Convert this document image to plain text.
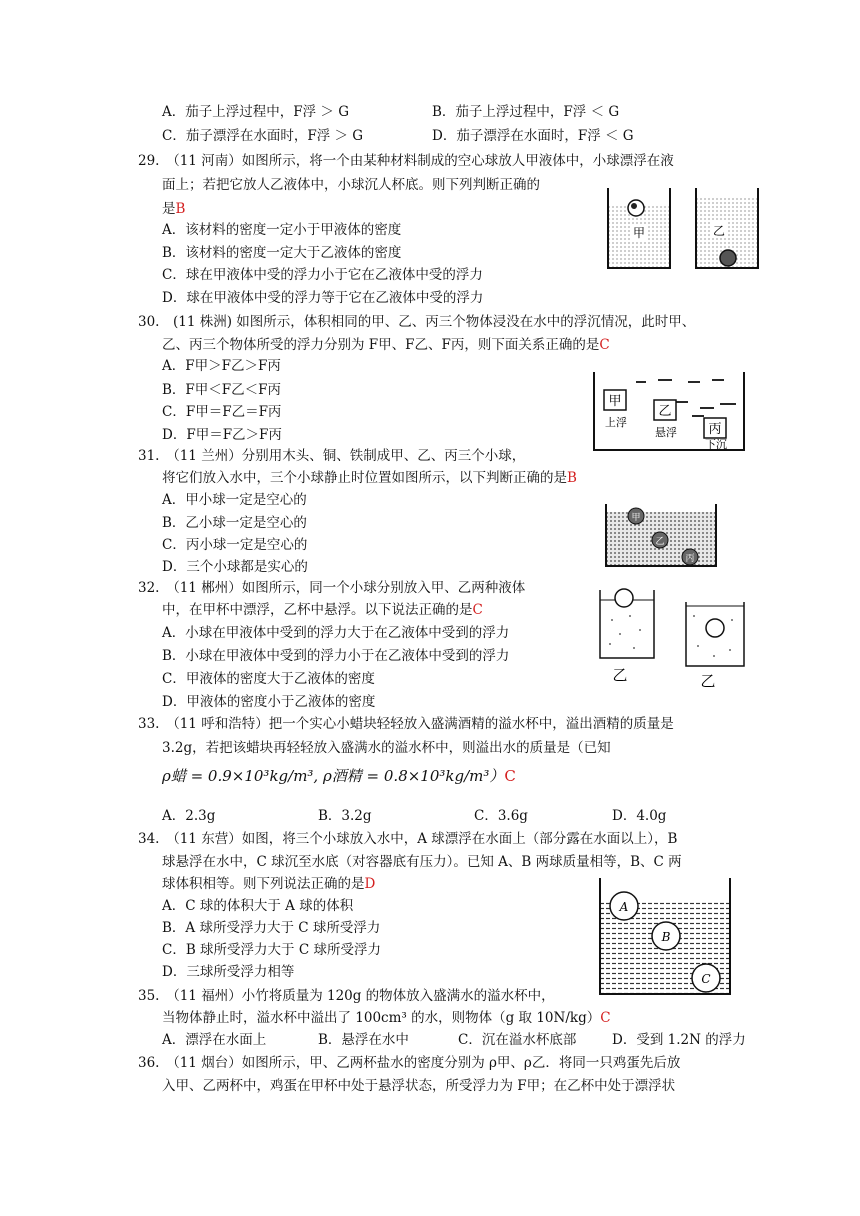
A．茄子上浮过程中，F浮 ＞ G	B．茄子上浮过程中，F浮 ＜ G
C．茄子漂浮在水面时，F浮 ＞ G	D．茄子漂浮在水面时，F浮 ＜ G
29.　（11 河南）如图所示，将一个由某种材料制成的空心球放人甲液体中，小球漂浮在液
面上；若把它放人乙液体中，小球沉人杯底。则下列判断正确的
是B
A．该材料的密度一定小于甲液体的密度
B．该材料的密度一定大于乙液体的密度
C．球在甲液体中受的浮力小于它在乙液体中受的浮力
D．球在甲液体中受的浮力等于它在乙液体中受的浮力
甲	乙
30.　(11 株洲) 如图所示，体积相同的甲、乙、丙三个物体浸没在水中的浮沉情况，此时甲、
乙、丙三个物体所受的浮力分别为 F甲、F乙、F丙，则下面关系正确的是C
A．F甲＞F乙＞F丙
B．F甲＜F乙＜F丙
C．F甲＝F乙＝F丙
D．F甲＝F乙＞F丙
甲
上浮
乙
悬浮 丙
下沉
31.　（11 兰州）分别用木头、铜、铁制成甲、乙、丙三个小球，
将它们放入水中，三个小球静止时位置如图所示，以下判断正确的是B
A．甲小球一定是空心的
B．乙小球一定是空心的
C．丙小球一定是空心的
D．三个小球都是实心的
甲
乙
丙
32.　（11 郴州）如图所示，同一个小球分别放入甲、乙两种液体
中，在甲杯中漂浮，乙杯中悬浮。以下说法正确的是C
A．小球在甲液体中受到的浮力大于在乙液体中受到的浮力
B．小球在甲液体中受到的浮力小于在乙液体中受到的浮力
C．甲液体的密度大于乙液体的密度
D．甲液体的密度小于乙液体的密度
乙	乙
33.　（11 呼和浩特）把一个实心小蜡块轻轻放入盛满酒精的溢水杯中，溢出酒精的质量是
3.2g，若把该蜡块再轻轻放入盛满水的溢水杯中，则溢出水的质量是（已知
ρ蜡 = 0.9×10³kg/m³, ρ酒精 = 0.8×10³kg/m³）C
A．2.3g	B．3.2g	C．3.6g	D．4.0g
34.　（11 东营）如图，将三个小球放入水中，A 球漂浮在水面上（部分露在水面以上），B
球悬浮在水中，C 球沉至水底（对容器底有压力）。已知 A、B 两球质量相等，B、C 两
球体积相等。则下列说法正确的是D
A．C 球的体积大于 A 球的体积
B．A 球所受浮力大于 C 球所受浮力
C．B 球所受浮力大于 C 球所受浮力
D．三球所受浮力相等
A
B
C
35.　（11 福州）小竹将质量为 120g 的物体放入盛满水的溢水杯中，
当物体静止时，溢水杯中溢出了 100cm³ 的水，则物体（g 取 10N/kg）C
A．漂浮在水面上	B．悬浮在水中	C．沉在溢水杯底部	D．受到 1.2N 的浮力
36.　（11 烟台）如图所示，甲、乙两杯盐水的密度分别为 ρ甲、ρ乙．将同一只鸡蛋先后放
入甲、乙两杯中，鸡蛋在甲杯中处于悬浮状态，所受浮力为 F甲；在乙杯中处于漂浮状
